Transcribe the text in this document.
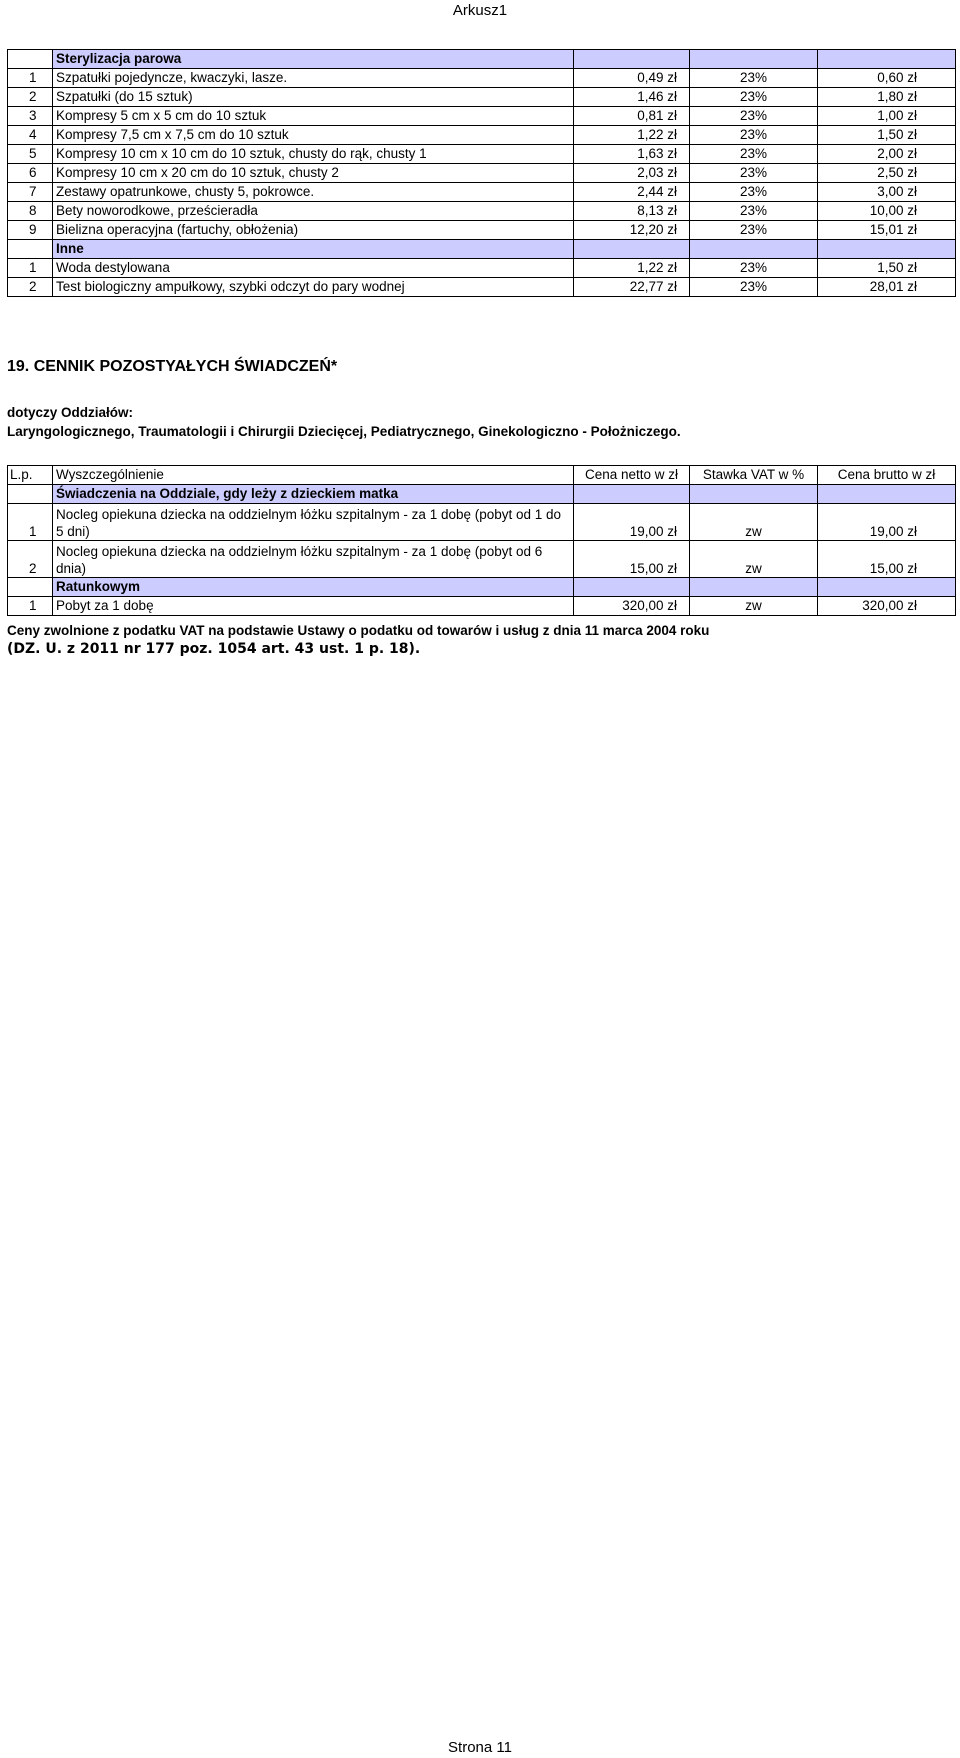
Arkusz1
	Sterylizacja parowa			
1	Szpatułki pojedyncze, kwaczyki, lasze.	0,49 zł	23%	0,60 zł
2	Szpatułki (do 15 sztuk)	1,46 zł	23%	1,80 zł
3	Kompresy 5 cm x 5 cm do 10 sztuk	0,81 zł	23%	1,00 zł
4	Kompresy 7,5 cm x 7,5 cm do 10 sztuk	1,22 zł	23%	1,50 zł
5	Kompresy 10 cm x 10 cm do 10 sztuk, chusty do rąk, chusty 1	1,63 zł	23%	2,00 zł
6	Kompresy 10 cm x 20 cm do 10 sztuk, chusty 2	2,03 zł	23%	2,50 zł
7	Zestawy opatrunkowe, chusty 5, pokrowce.	2,44 zł	23%	3,00 zł
8	Bety noworodkowe, prześcieradła	8,13 zł	23%	10,00 zł
9	Bielizna operacyjna (fartuchy, obłożenia)	12,20 zł	23%	15,01 zł
	Inne			
1	Woda destylowana	1,22 zł	23%	1,50 zł
2	Test biologiczny ampułkowy, szybki odczyt do pary wodnej	22,77 zł	23%	28,01 zł
19. CENNIK POZOSTYAŁYCH ŚWIADCZEŃ*
dotyczy Oddziałów:
Laryngologicznego, Traumatologii i Chirurgii Dziecięcej, Pediatrycznego, Ginekologiczno - Położniczego.
L.p.	Wyszczególnienie	Cena netto w zł	Stawka VAT w %	Cena brutto w zł
	Świadczenia na Oddziale, gdy leży z dzieckiem matka			
1	Nocleg opiekuna dziecka na oddzielnym łóżku szpitalnym - za 1 dobę (pobyt od 1 do 5 dni)	19,00 zł	zw	19,00 zł
2	Nocleg opiekuna dziecka na oddzielnym łóżku szpitalnym - za 1 dobę (pobyt od 6 dnia)	15,00 zł	zw	15,00 zł
	Ratunkowym			
1	Pobyt za 1 dobę	320,00 zł	zw	320,00 zł
Ceny zwolnione z podatku VAT na podstawie Ustawy o podatku od towarów i usług z dnia 11 marca 2004 roku
(DZ. U. z 2011 nr 177 poz. 1054 art. 43 ust. 1 p. 18).
Strona 11
